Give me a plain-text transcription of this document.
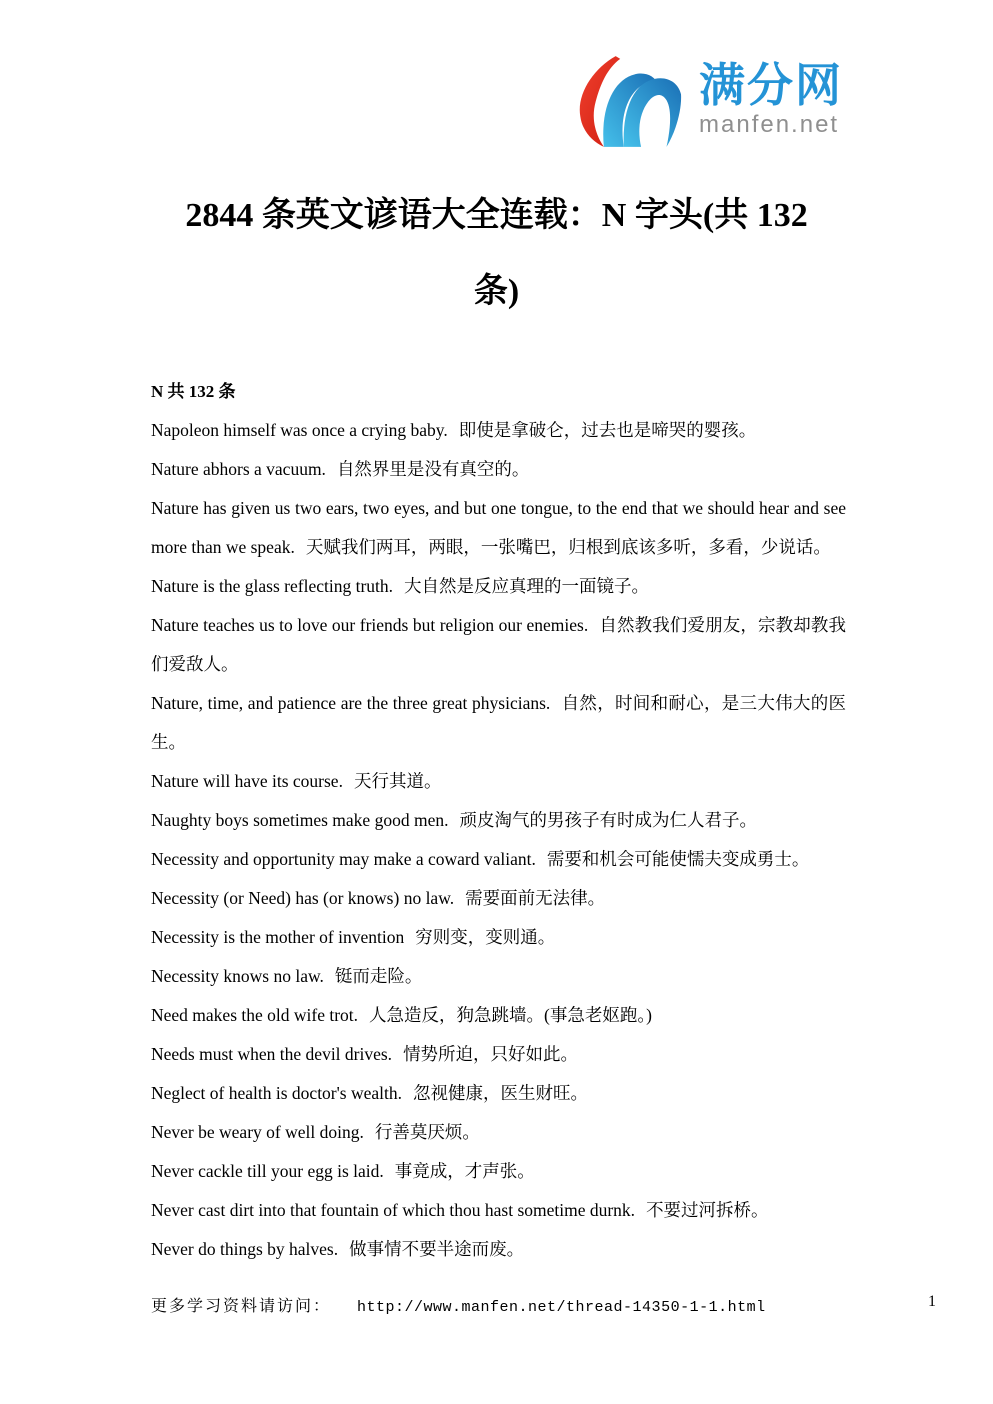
满分网
manfen.net
2844 条英文谚语大全连载：N 字头(共 132
条)

N 共 132 条

Napoleon himself was once a crying baby. 即使是拿破仑，过去也是啼哭的婴孩。

Nature abhors a vacuum. 自然界里是没有真空的。

Nature has given us two ears, two eyes, and but one tongue, to the end that we should hear and see more than we speak. 天赋我们两耳，两眼，一张嘴巴，归根到底该多听，多看，少说话。

Nature is the glass reflecting truth. 大自然是反应真理的一面镜子。

Nature teaches us to love our friends but religion our enemies. 自然教我们爱朋友，宗教却教我们爱敌人。

Nature, time, and patience are the three great physicians. 自然，时间和耐心，是三大伟大的医生。

Nature will have its course. 天行其道。

Naughty boys sometimes make good men. 顽皮淘气的男孩子有时成为仁人君子。

Necessity and opportunity may make a coward valiant. 需要和机会可能使懦夫变成勇士。

Necessity (or Need) has (or knows) no law. 需要面前无法律。

Necessity is the mother of invention 穷则变，变则通。

Necessity knows no law. 铤而走险。

Need makes the old wife trot. 人急造反，狗急跳墙。(事急老妪跑。)

Needs must when the devil drives. 情势所迫，只好如此。

Neglect of health is doctor's wealth. 忽视健康，医生财旺。

Never be weary of well doing. 行善莫厌烦。

Never cackle till your egg is laid. 事竟成，才声张。

Never cast dirt into that fountain of which thou hast sometime durnk. 不要过河拆桥。

Never do things by halves. 做事情不要半途而废。

更多学习资料请访问： http://www.manfen.net/thread-14350-1-1.html	1
